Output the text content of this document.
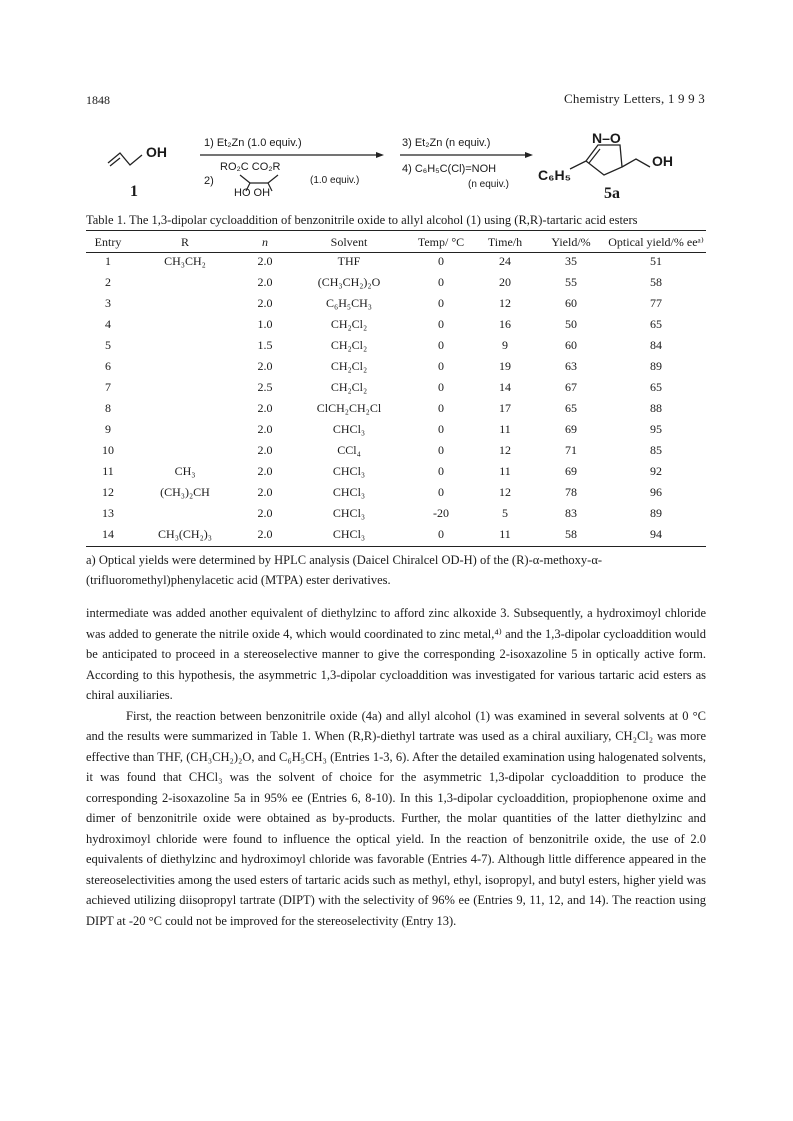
1848	Chemistry Letters, 1 9 9 3
OH
1
1) Et₂Zn (1.0 equiv.)
2)
RO₂C CO₂R
HO OH
(1.0 equiv.)
3) Et₂Zn (n equiv.)
4) C₆H₅C(Cl)=NOH
(n equiv.)
N–O
OH
C₆H₅
5a
Table 1. The 1,3-dipolar cycloaddition of benzonitrile oxide to allyl alcohol (1) using (R,R)-tartaric acid esters
Entry	R	n	Solvent	Temp/ °C	Time/h	Yield/%	Optical yield/% eeᵃ⁾
1	CH₃CH₂	2.0	THF	0	24	35	51
2		2.0	(CH₃CH₂)₂O	0	20	55	58
3		2.0	C₆H₅CH₃	0	12	60	77
4		1.0	CH₂Cl₂	0	16	50	65
5		1.5	CH₂Cl₂	0	9	60	84
6		2.0	CH₂Cl₂	0	19	63	89
7		2.5	CH₂Cl₂	0	14	67	65
8		2.0	ClCH₂CH₂Cl	0	17	65	88
9		2.0	CHCl₃	0	11	69	95
10		2.0	CCl₄	0	12	71	85
11	CH₃	2.0	CHCl₃	0	11	69	92
12	(CH₃)₂CH	2.0	CHCl₃	0	12	78	96
13		2.0	CHCl₃	-20	5	83	89
14	CH₃(CH₂)₃	2.0	CHCl₃	0	11	58	94
a) Optical yields were determined by HPLC analysis (Daicel Chiralcel OD-H) of the (R)-α-methoxy-α-(trifluoromethyl)phenylacetic acid (MTPA) ester derivatives.

intermediate was added another equivalent of diethylzinc to afford zinc alkoxide 3. Subsequently, a hydroximoyl chloride was added to generate the nitrile oxide 4, which would coordinated to zinc metal,⁴⁾ and the 1,3-dipolar cycloaddition would be anticipated to proceed in a stereoselective manner to give the corresponding 2-isoxazoline 5 in optically active form. According to this hypothesis, the asymmetric 1,3-dipolar cycloaddition was investigated for various tartaric acid esters as chiral auxiliaries.

First, the reaction between benzonitrile oxide (4a) and allyl alcohol (1) was examined in several solvents at 0 °C and the results were summarized in Table 1. When (R,R)-diethyl tartrate was used as a chiral auxiliary, CH₂Cl₂ was more effective than THF, (CH₃CH₂)₂O, and C₆H₅CH₃ (Entries 1-3, 6). After the detailed examination using halogenated solvents, it was found that CHCl₃ was the solvent of choice for the asymmetric 1,3-dipolar cycloaddition to produce the corresponding 2-isoxazoline 5a in 95% ee (Entries 6, 8-10). In this 1,3-dipolar cycloaddition, propiophenone oxime and dimer of benzonitrile oxide were obtained as by-products. Further, the molar quantities of the latter diethylzinc and hydroximoyl chloride were found to influence the optical yield. In the reaction of benzonitrile oxide, the use of 2.0 equivalents of diethylzinc and hydroximoyl chloride was favorable (Entries 4-7). Although little difference appeared in the stereoselectivities among the used esters of tartaric acids such as methyl, ethyl, isopropyl, and butyl esters, higher yield was achieved utilizing diisopropyl tartrate (DIPT) with the selectivity of 96% ee (Entries 9, 11, 12, and 14). The reaction using DIPT at -20 °C could not be improved for the stereoselectivity (Entry 13).
